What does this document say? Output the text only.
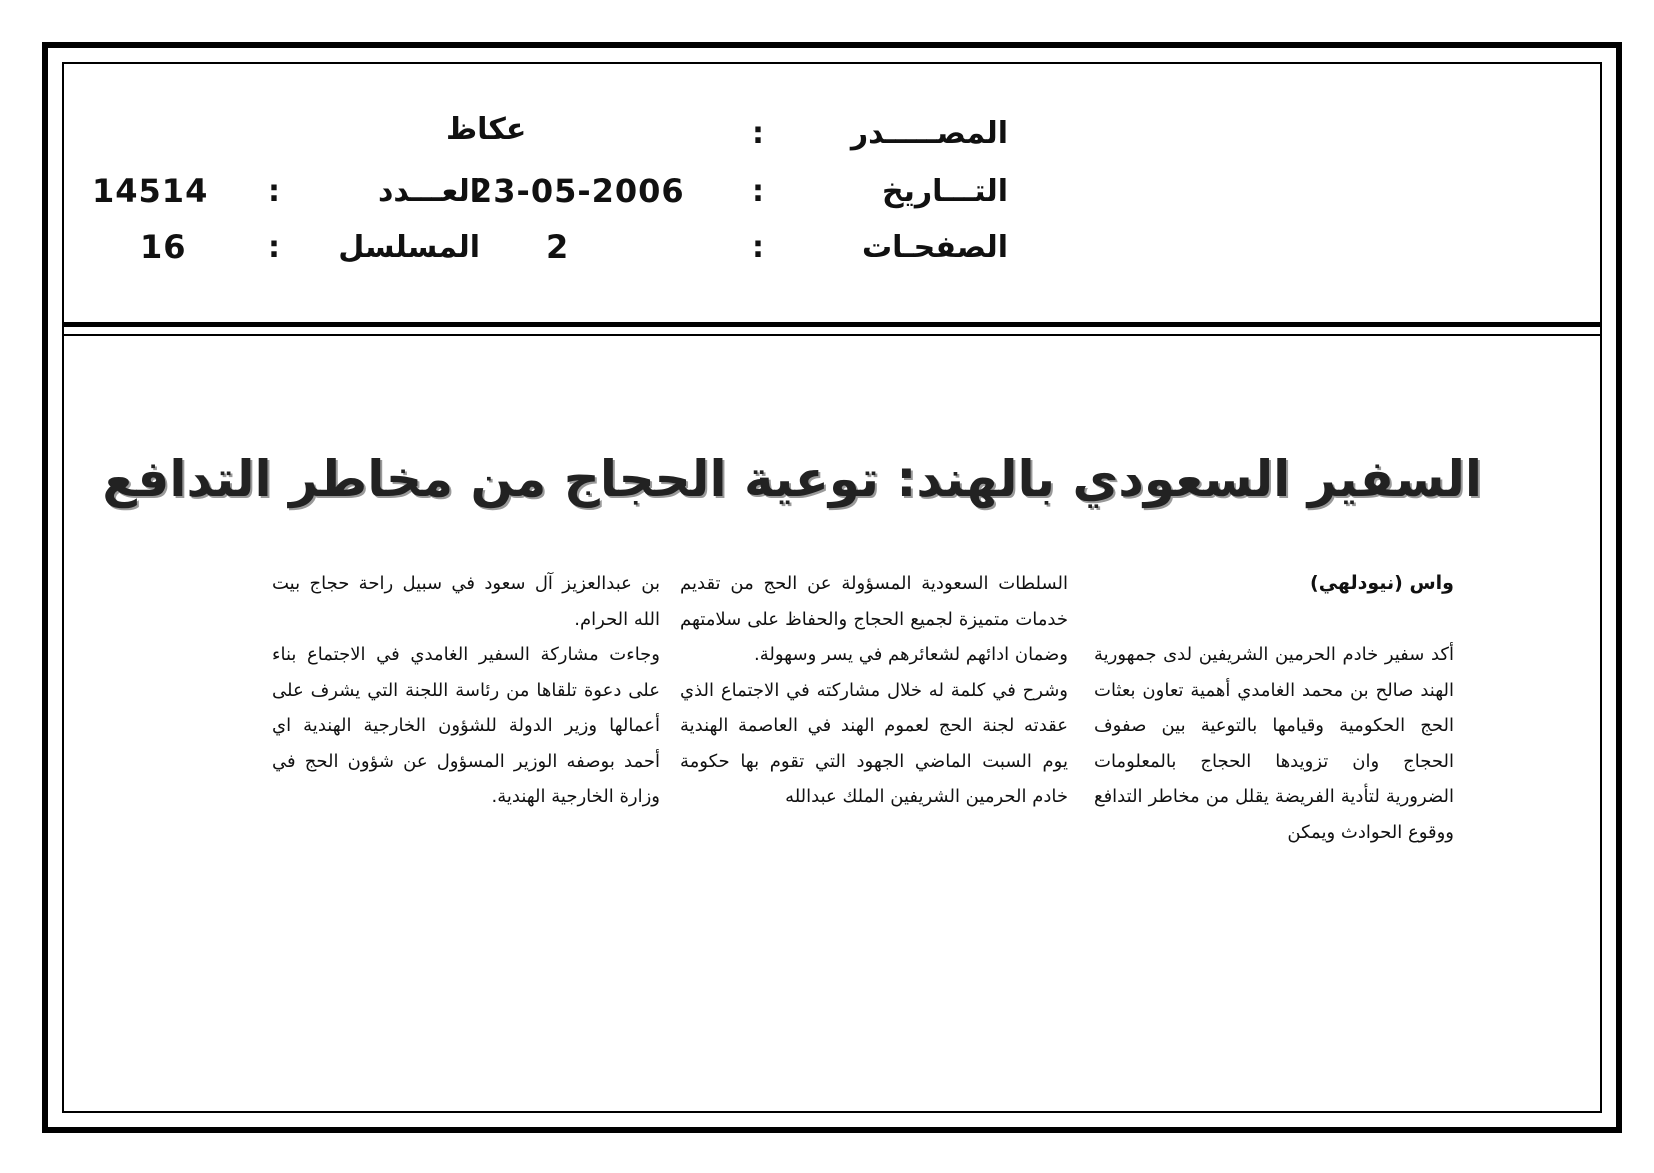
المصـــــدر
:
عكاظ
التـــاريخ
:
23-05-2006
العـــدد
:
14514
الصفحـات
:
2
المسلسل
:
16
السفير السعودي بالهند: توعية الحجاج من مخاطر التدافع

واس (نيودلهي)

أكد سفير خادم الحرمين الشريفين لدى جمهورية الهند صالح بن محمد الغامدي أهمية تعاون بعثات الحج الحكومية وقيامها بالتوعية بين صفوف الحجاج وان تزويدها الحجاج بالمعلومات الضرورية لتأدية الفريضة يقلل من مخاطر التدافع ووقوع الحوادث ويمكن

السلطات السعودية المسؤولة عن الحج من تقديم خدمات متميزة لجميع الحجاج والحفاظ على سلامتهم وضمان ادائهم لشعائرهم في يسر وسهولة.

وشرح في كلمة له خلال مشاركته في الاجتماع الذي عقدته لجنة الحج لعموم الهند في العاصمة الهندية يوم السبت الماضي الجهود التي تقوم بها حكومة خادم الحرمين الشريفين الملك عبدالله

بن عبدالعزيز آل سعود في سبيل راحة حجاج بيت الله الحرام.

وجاءت مشاركة السفير الغامدي في الاجتماع بناء على دعوة تلقاها من رئاسة اللجنة التي يشرف على أعمالها وزير الدولة للشؤون الخارجية الهندية اي أحمد بوصفه الوزير المسؤول عن شؤون الحج في وزارة الخارجية الهندية.
